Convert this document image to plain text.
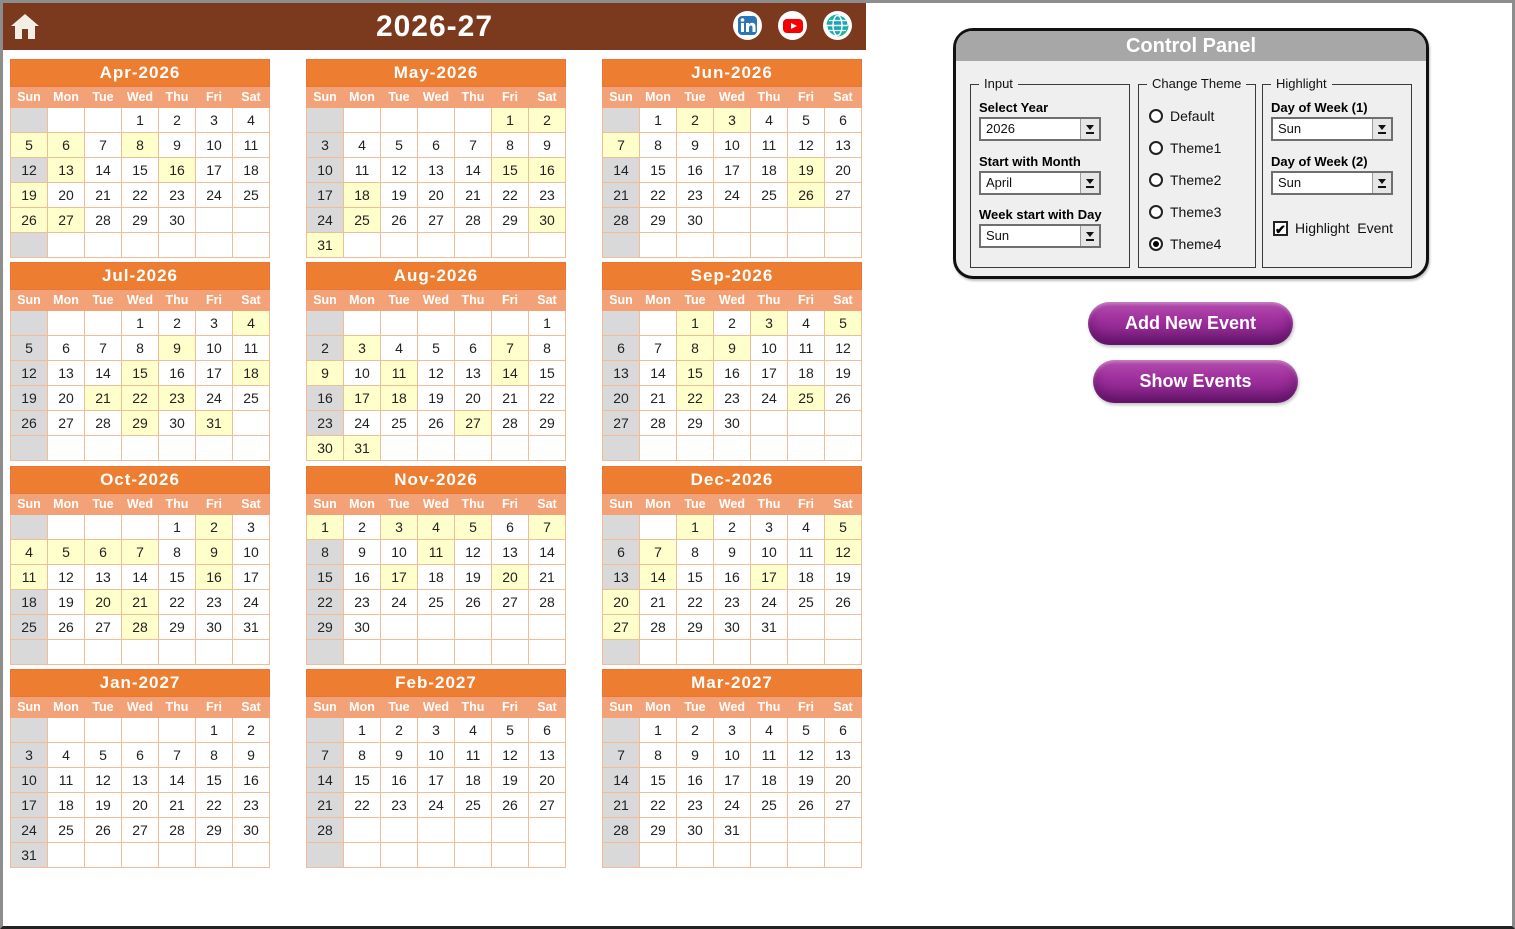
2026-27
Apr-2026						
Sun	Mon	Tue	Wed	Thu	Fri	Sat
			1	2	3	4
5	6	7	8	9	10	11
12	13	14	15	16	17	18
19	20	21	22	23	24	25
26	27	28	29	30		

May-2026						
Sun	Mon	Tue	Wed	Thu	Fri	Sat
					1	2
3	4	5	6	7	8	9
10	11	12	13	14	15	16
17	18	19	20	21	22	23
24	25	26	27	28	29	30
31						
Jun-2026						
Sun	Mon	Tue	Wed	Thu	Fri	Sat
	1	2	3	4	5	6
7	8	9	10	11	12	13
14	15	16	17	18	19	20
21	22	23	24	25	26	27
28	29	30				

Jul-2026						
Sun	Mon	Tue	Wed	Thu	Fri	Sat
			1	2	3	4
5	6	7	8	9	10	11
12	13	14	15	16	17	18
19	20	21	22	23	24	25
26	27	28	29	30	31	

Aug-2026						
Sun	Mon	Tue	Wed	Thu	Fri	Sat
						1
2	3	4	5	6	7	8
9	10	11	12	13	14	15
16	17	18	19	20	21	22
23	24	25	26	27	28	29
30	31					
Sep-2026						
Sun	Mon	Tue	Wed	Thu	Fri	Sat
		1	2	3	4	5
6	7	8	9	10	11	12
13	14	15	16	17	18	19
20	21	22	23	24	25	26
27	28	29	30			

Oct-2026						
Sun	Mon	Tue	Wed	Thu	Fri	Sat
				1	2	3
4	5	6	7	8	9	10
11	12	13	14	15	16	17
18	19	20	21	22	23	24
25	26	27	28	29	30	31

Nov-2026						
Sun	Mon	Tue	Wed	Thu	Fri	Sat
1	2	3	4	5	6	7
8	9	10	11	12	13	14
15	16	17	18	19	20	21
22	23	24	25	26	27	28
29	30					

Dec-2026						
Sun	Mon	Tue	Wed	Thu	Fri	Sat
		1	2	3	4	5
6	7	8	9	10	11	12
13	14	15	16	17	18	19
20	21	22	23	24	25	26
27	28	29	30	31		

Jan-2027						
Sun	Mon	Tue	Wed	Thu	Fri	Sat
					1	2
3	4	5	6	7	8	9
10	11	12	13	14	15	16
17	18	19	20	21	22	23
24	25	26	27	28	29	30
31						
Feb-2027						
Sun	Mon	Tue	Wed	Thu	Fri	Sat
	1	2	3	4	5	6
7	8	9	10	11	12	13
14	15	16	17	18	19	20
21	22	23	24	25	26	27
28						

Mar-2027						
Sun	Mon	Tue	Wed	Thu	Fri	Sat
	1	2	3	4	5	6
7	8	9	10	11	12	13
14	15	16	17	18	19	20
21	22	23	24	25	26	27
28	29	30	31			

Control Panel
Input
Select Year
2026
Start with Month
April
Week start with Day
Sun
Change Theme
Default
Theme1
Theme2
Theme3
Theme4
Highlight
Day of Week (1)
Sun
Day of Week (2)
Sun
✔ Highlight  Event
Add New Event
Show Events
